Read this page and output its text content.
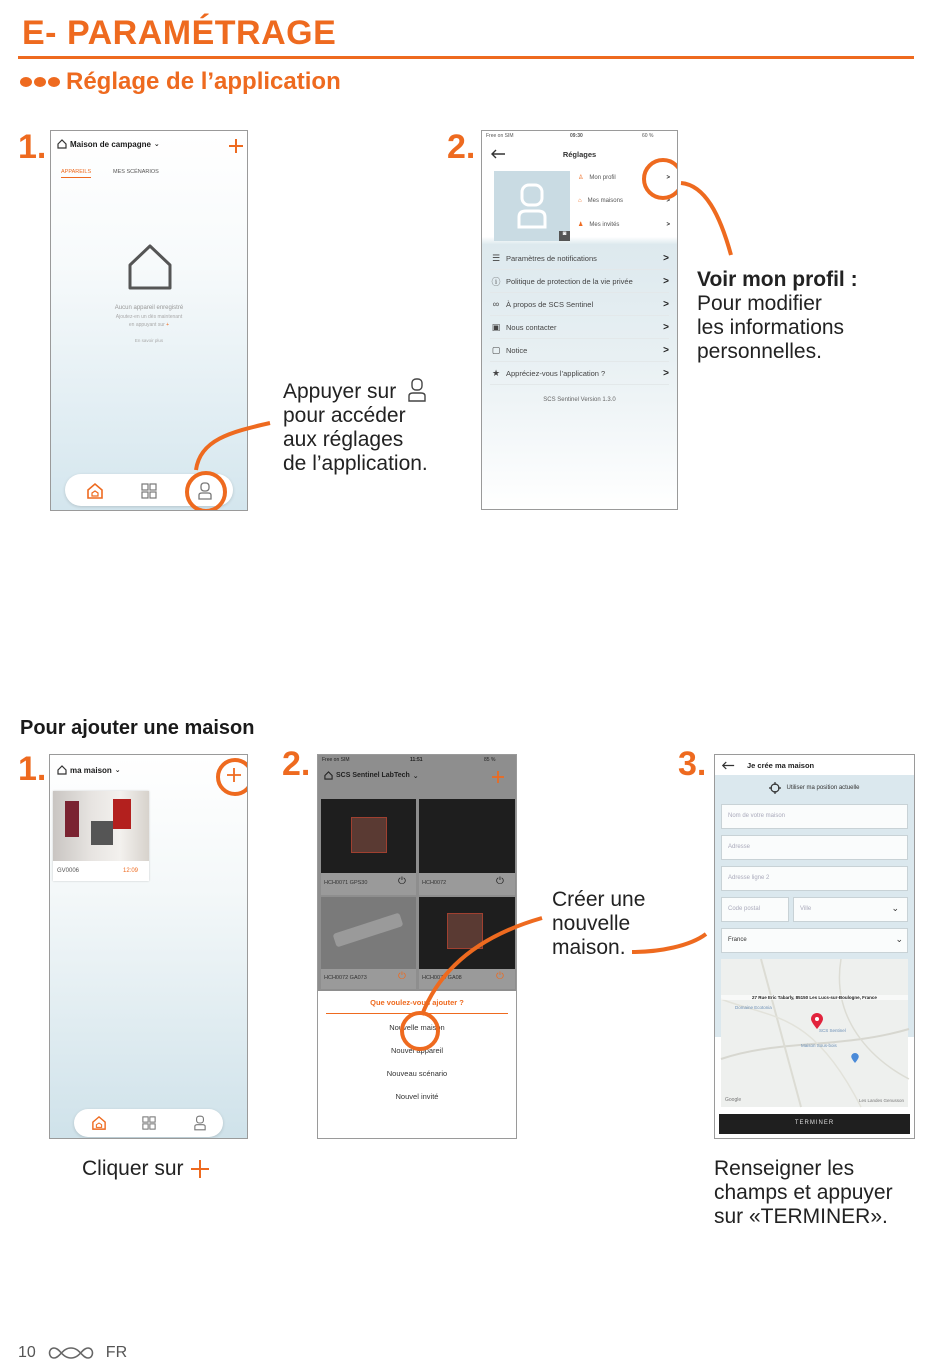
E- PARAMÉTRAGE
Réglage de l’application
1.	Maison de campagne ⌄
APPAREILS	MES SCÉNARIOS
Aucun appareil enregistré
Ajoutez-en un dès maintenant
en appuyant sur +
En savoir plus
Appuyer sur
pour accéder
aux réglages
de l’application.
2. Free on SIM	09:30	60 %
Réglages
◙
♙ Mon profil	>
⌂ Mes maisons	>
♟ Mes invités	>
☰ Paramètres de notifications	>
ⓘ Politique de protection de la vie privée	>
∞ À propos de SCS Sentinel	>
▣ Nous contacter	>
▢ Notice	>
★ Appréciez-vous l’application ?	>
SCS Sentinel Version 1.3.0
Voir mon profil :
Pour modifier
les informations
personnelles.
Pour ajouter une maison
1.	ma maison ⌄
GV0006	12:09
Cliquer sur
2. Free on SIM	11:51	85 %
SCS Sentinel LabTech ⌄
HCH0071 GPS30	⏻	HCH0072	⏻
HCH0072 GA073	⏻	HCH0074 GA08	⏻
Que voulez-vous ajouter ?
Nouvelle maison
Nouvel appareil
Nouveau scénario
Nouvel invité
Créer une
nouvelle
maison.
3.	Je crée ma maison
Utiliser ma position actuelle
Nom de votre maison
Adresse
Adresse ligne 2
Code postal	Ville	⌄
France	⌄
27 Rue Eric Tabarly, 85150 Les Lucs-sur-Boulogne, France
Domaine Ecotonia
SCS Sentinel
Maison Sous-bois
Google	Les Landes Genusson
TERMINER
Renseigner les
champs et appuyer
sur «TERMINER».
10	FR
